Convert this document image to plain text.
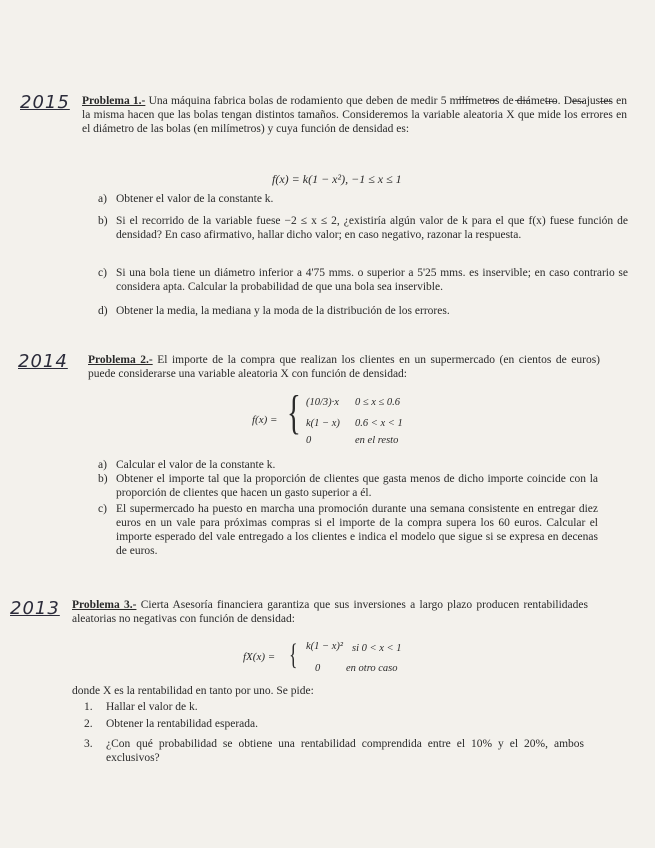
2015 Problema 1.- Una máquina fabrica bolas de rodamiento que deben de medir 5 milímetros de diámetro. Desajustes en la misma hacen que las bolas tengan distintos tamaños. Consideremos la variable aleatoria X que mide los errores en el diámetro de las bolas (en milímetros) y cuya función de densidad es:
f(x) = k(1 − x²), −1 ≤ x ≤ 1
a) Obtener el valor de la constante k.
b) Si el recorrido de la variable fuese −2 ≤ x ≤ 2, ¿existiría algún valor de k para el que f(x) fuese función de densidad? En caso afirmativo, hallar dicho valor; en caso negativo, razonar la respuesta.
c) Si una bola tiene un diámetro inferior a 4'75 mms. o superior a 5'25 mms. es inservible; en caso contrario se considera apta. Calcular la probabilidad de que una bola sea inservible.
d) Obtener la media, la mediana y la moda de la distribución de los errores.
2014 Problema 2.- El importe de la compra que realizan los clientes en un supermercado (en cientos de euros) puede considerarse una variable aleatoria X con función de densidad:
f(x) = { (10/3)·x 0 ≤ x ≤ 0.6
k(1 − x) 0.6 < x < 1
0	en el resto
a) Calcular el valor de la constante k.
b) Obtener el importe tal que la proporción de clientes que gasta menos de dicho importe coincide con la proporción de clientes que hacen un gasto superior a él.
c) El supermercado ha puesto en marcha una promoción durante una semana consistente en entregar diez euros en un vale para próximas compras si el importe de la compra supera los 60 euros. Calcular el importe esperado del vale entregado a los clientes e indica el modelo que sigue si se expresa en decenas de euros.
2013 Problema 3.- Cierta Asesoría financiera garantiza que sus inversiones a largo plazo producen rentabilidades aleatorias no negativas con función de densidad:
fX(x) = { k(1 − x)² si 0 < x < 1
0 en otro caso
donde X es la rentabilidad en tanto por uno. Se pide:
1. Hallar el valor de k.
2. Obtener la rentabilidad esperada.
3. ¿Con qué probabilidad se obtiene una rentabilidad comprendida entre el 10% y el 20%, ambos exclusivos?
